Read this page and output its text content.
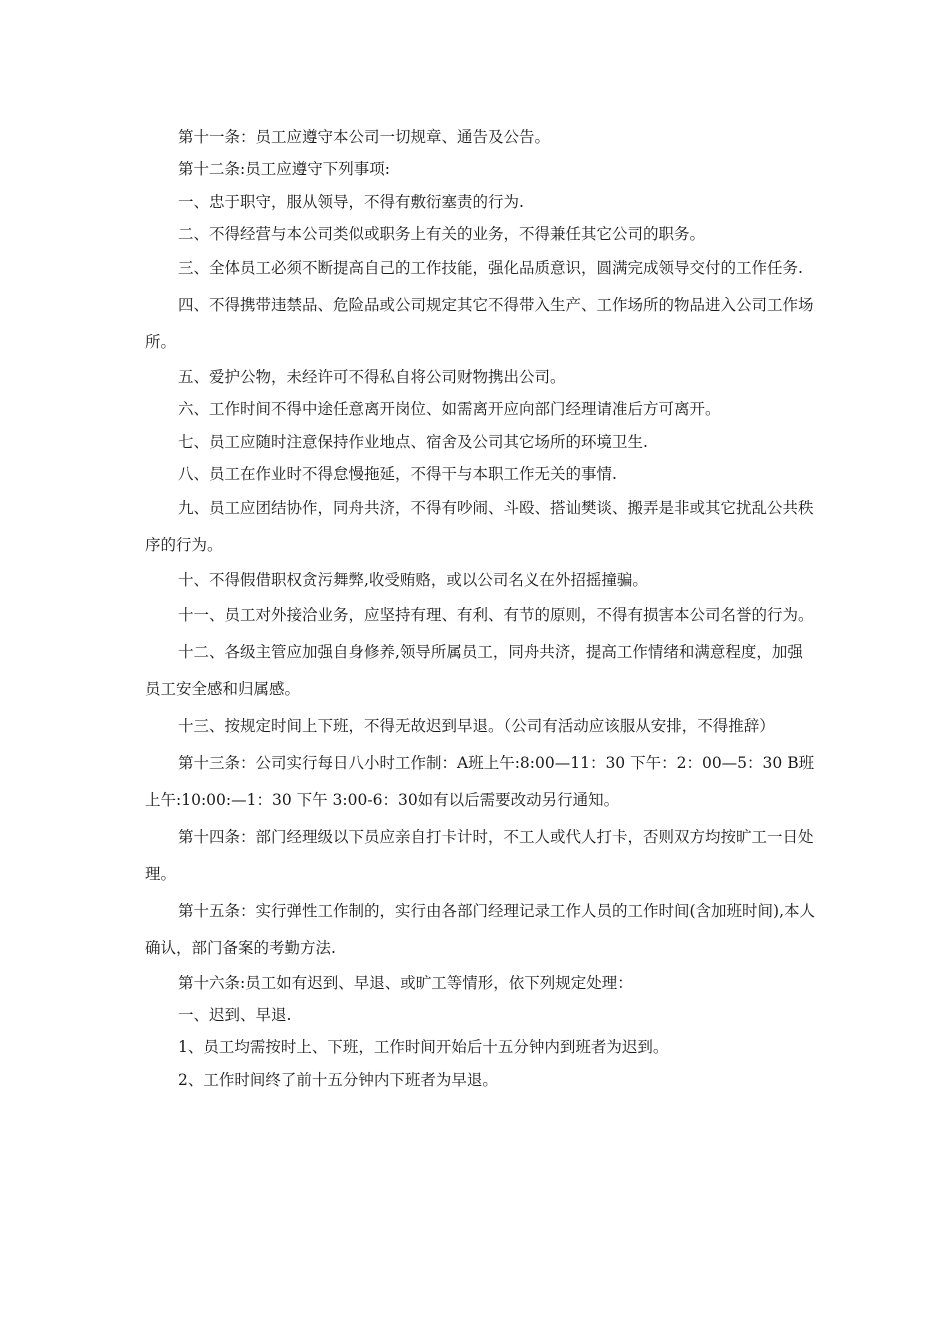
第十一条：员工应遵守本公司一切规章、通告及公告。

第十二条:员工应遵守下列事项:

一、忠于职守，服从领导，不得有敷衍塞责的行为.

二、不得经营与本公司类似或职务上有关的业务，不得兼任其它公司的职务。

三、全体员工必须不断提高自己的工作技能，强化品质意识，圆满完成领导交付的工作任务.

四、不得携带违禁品、危险品或公司规定其它不得带入生产、工作场所的物品进入公司工作场所。

五、爱护公物，未经许可不得私自将公司财物携出公司。

六、工作时间不得中途任意离开岗位、如需离开应向部门经理请准后方可离开。

七、员工应随时注意保持作业地点、宿舍及公司其它场所的环境卫生.

八、员工在作业时不得怠慢拖延，不得干与本职工作无关的事情.

九、员工应团结协作，同舟共济，不得有吵闹、斗殴、搭讪樊谈、搬弄是非或其它扰乱公共秩序的行为。

十、不得假借职权贪污舞弊,收受贿赂，或以公司名义在外招摇撞骗。

十一、员工对外接洽业务，应坚持有理、有利、有节的原则，不得有损害本公司名誉的行为。

十二、各级主管应加强自身修养,领导所属员工，同舟共济，提高工作情绪和满意程度，加强员工安全感和归属感。

十三、按规定时间上下班，不得无故迟到早退。（公司有活动应该服从安排，不得推辞）

第十三条：公司实行每日八小时工作制：A班上午:8:00—11：30 下午：2：00—5：30 B班上午:10:00:—1：30 下午 3:00-6：30如有以后需要改动另行通知。

第十四条：部门经理级以下员应亲自打卡计时，不工人或代人打卡，否则双方均按旷工一日处理。

第十五条：实行弹性工作制的，实行由各部门经理记录工作人员的工作时间(含加班时间),本人确认，部门备案的考勤方法.

第十六条:员工如有迟到、早退、或旷工等情形，依下列规定处理：

一、迟到、早退.

1、员工均需按时上、下班，工作时间开始后十五分钟内到班者为迟到。

2、工作时间终了前十五分钟内下班者为早退。
